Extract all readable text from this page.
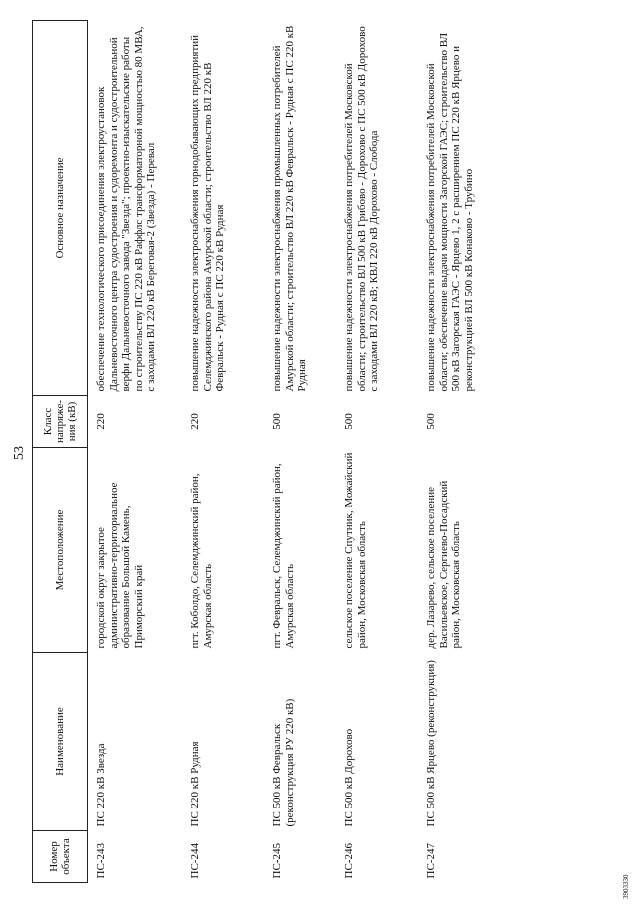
53
Номер объекта	Наименование	Местоположение	Класс напряже-ния (кВ)	Основное назначение
ПС-243	ПС 220 кВ Звезда	городской округ закрытое административно-территориальное образование Большой Камень, Приморский край	220	обеспечение технологического присоединения электроустановок Дальневосточного центра судостроения и судоремонта и судостроительной верфи Дальневосточного завода "Звезда"; проектно-изыскательские работы по строительству ПС 220 кВ Раффлс трансформаторной мощностью 80 МВА, с заходами ВЛ 220 кВ Береговая-2 (Звезда) - Перевал
ПС-244	ПС 220 кВ Рудная	пгт. Коболдо, Селемджинский район, Амурская область	220	повышение надежности электроснабжения горнодобывающих предприятий Селемджинского района Амурской области; строительство ВЛ 220 кВ Февральск - Рудная с ПС 220 кВ Рудная
ПС-245	ПС 500 кВ Февральск (реконструкция РУ 220 кВ)	пгт. Февральск, Селемджинский район, Амурская область	500	повышение надежности электроснабжения промышленных потребителей Амурской области; строительство ВЛ 220 кВ Февральск - Рудная с ПС 220 кВ Рудная
ПС-246	ПС 500 кВ Дорохово	сельское поселение Спутник, Можайский район, Московская область	500	повышение надежности электроснабжения потребителей Московской области; строительство ВЛ 500 кВ Грибово - Дорохово с ПС 500 кВ Дорохово с заходами ВЛ 220 кВ; КВЛ 220 кВ Дорохово - Слобода
ПС-247	ПС 500 кВ Ярцево (реконструкция)	дер. Лазарево, сельское поселение Васильевское, Сергиево-Посадский район, Московская область	500	повышение надежности электроснабжения потребителей Московской области; обеспечение выдачи мощности Загорской ГАЭС; строительство ВЛ 500 кВ Загорская ГАЭС - Ярцево 1, 2 с расширением ПС 220 кВ Ярцево и реконструкцией ВЛ 500 кВ Конаково - Трубино
3903330
